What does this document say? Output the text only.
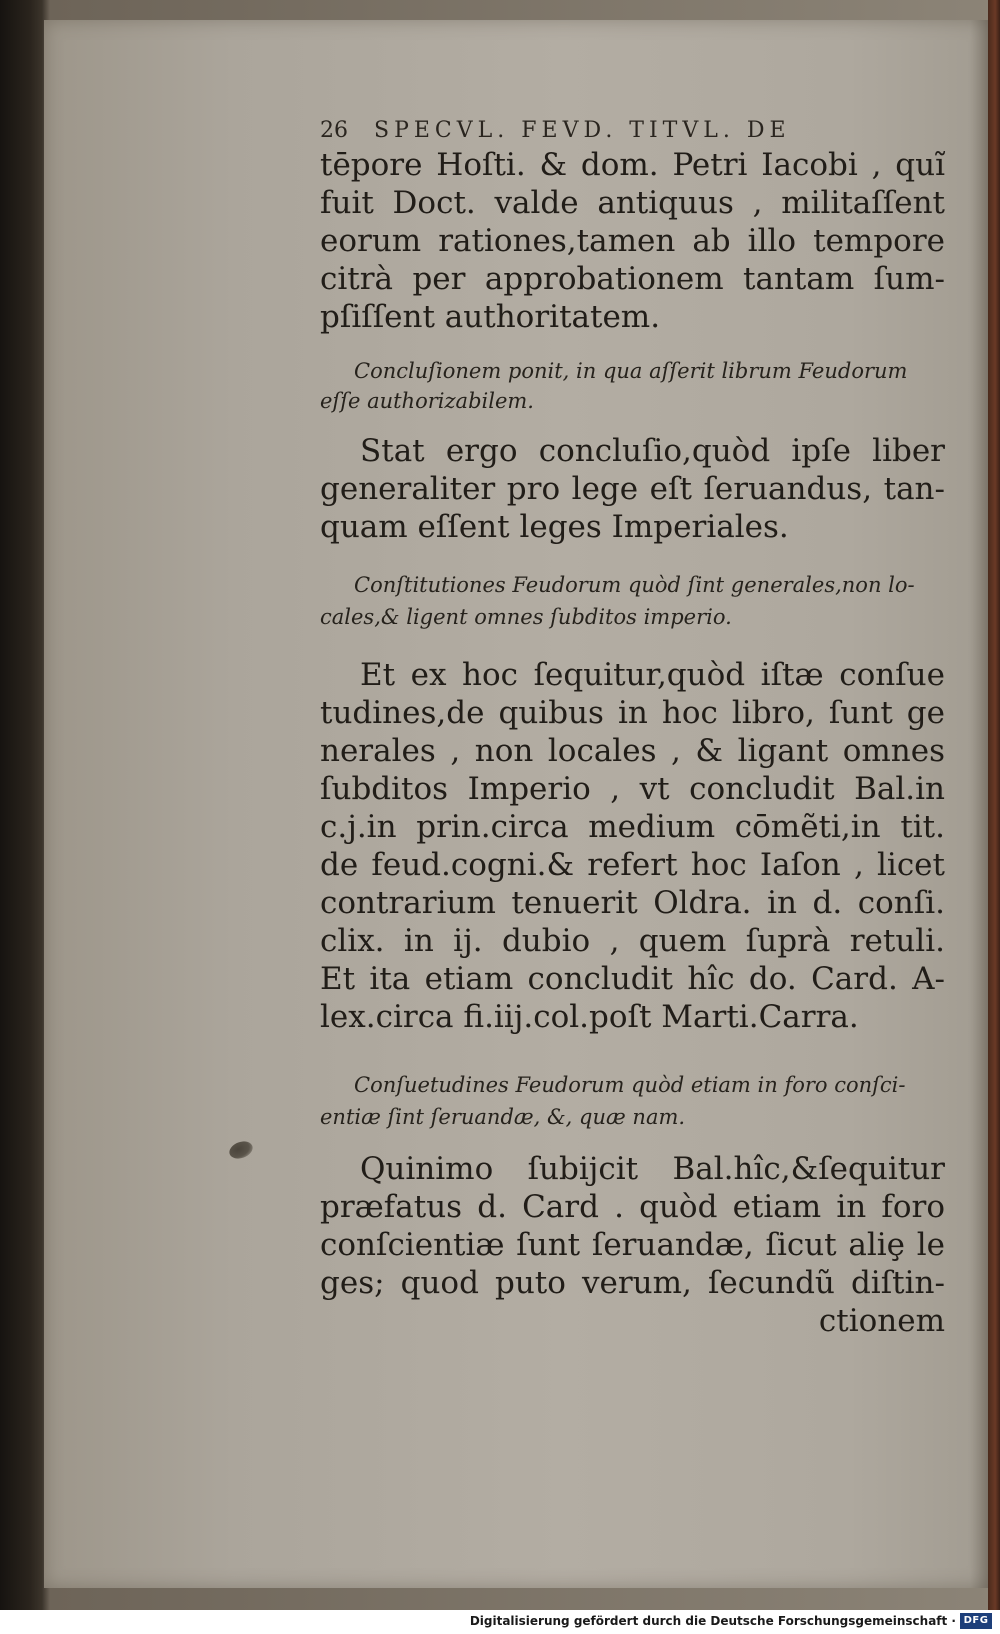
26 SPECVL. FEVD. TITVL. DE
tēpore Hoſti. & dom. Petri Iacobi , quĩ
fuit Doct. valde antiquus , militaſſent
eorum rationes,tamen ab illo tempore
citrà per approbationem tantam ſum-
pſiſſent authoritatem.
Concluſionem ponit, in qua aſſerit librum Feudorum
eſſe authorizabilem.
Stat ergo concluſio,quòd ipſe liber
generaliter pro lege eſt ſeruandus, tan-
quam eſſent leges Imperiales.
Conſtitutiones Feudorum quòd ſint generales,non lo-
cales,& ligent omnes ſubditos imperio.
Et ex hoc ſequitur,quòd iſtæ conſue
tudines,de quibus in hoc libro, ſunt ge
nerales , non locales , & ligant omnes
ſubditos Imperio , vt concludit Bal.in
c.j.in prin.circa medium cōmẽti,in tit.
de feud.cogni.& refert hoc Iaſon , licet
contrarium tenuerit Oldra. in d. conſi.
clix. in ij. dubio , quem ſuprà retuli.
Et ita etiam concludit hîc do. Card. A-
lex.circa fi.iij.col.poſt Marti.Carra.
Conſuetudines Feudorum quòd etiam in foro conſci-
entiæ ſint ſeruandæ, &, quæ nam.
Quinimo ſubijcit Bal.hîc,&ſequitur
præfatus d. Card . quòd etiam in foro
conſcientiæ ſunt ſeruandæ, ſicut aliȩ le
ges; quod puto verum, ſecundũ diſtin-
ctionem
Digitalisierung gefördert durch die Deutsche Forschungsgemeinschaft · DFG
